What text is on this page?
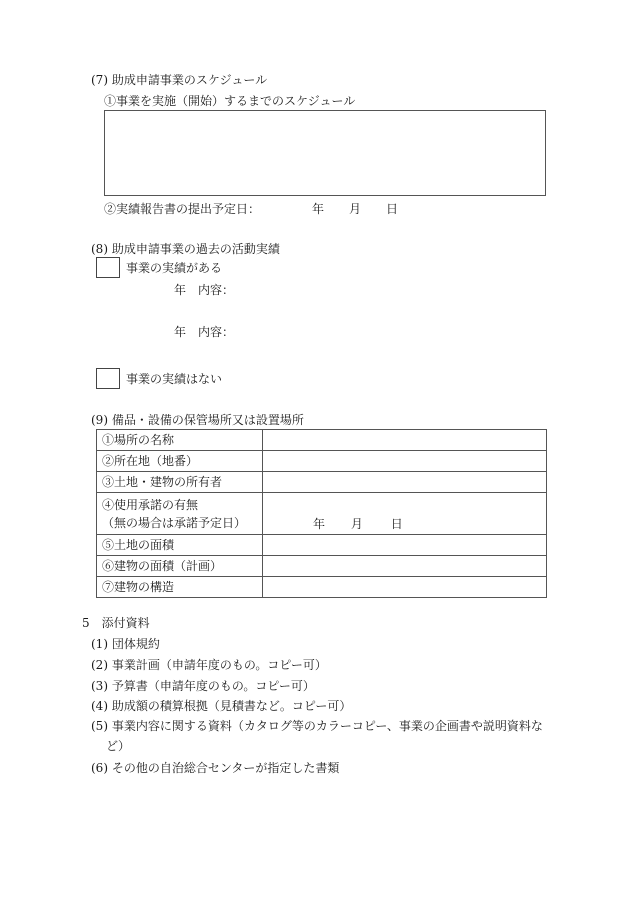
(7) 助成申請事業のスケジュール
①事業を実施（開始）するまでのスケジュール
②実績報告書の提出予定日：	年 月 日
(8) 助成申請事業の過去の活動実績
事業の実績がある
年　内容：
年　内容：
事業の実績はない
(9) 備品・設備の保管場所又は設置場所
①場所の名称	
②所在地（地番）	
③土地・建物の所有者	

④使用承諾の有無
（無の場合は承諾予定日）	年 月 日
⑤土地の面積	
⑥建物の面積（計画）	
⑦建物の構造	
5　添付資料
(1) 団体規約
(2) 事業計画（申請年度のもの。コピー可）
(3) 予算書（申請年度のもの。コピー可）
(4) 助成額の積算根拠（見積書など。コピー可）
(5) 事業内容に関する資料（カタログ等のカラーコピー、事業の企画書や説明資料な
ど）
(6) その他の自治総合センターが指定した書類
